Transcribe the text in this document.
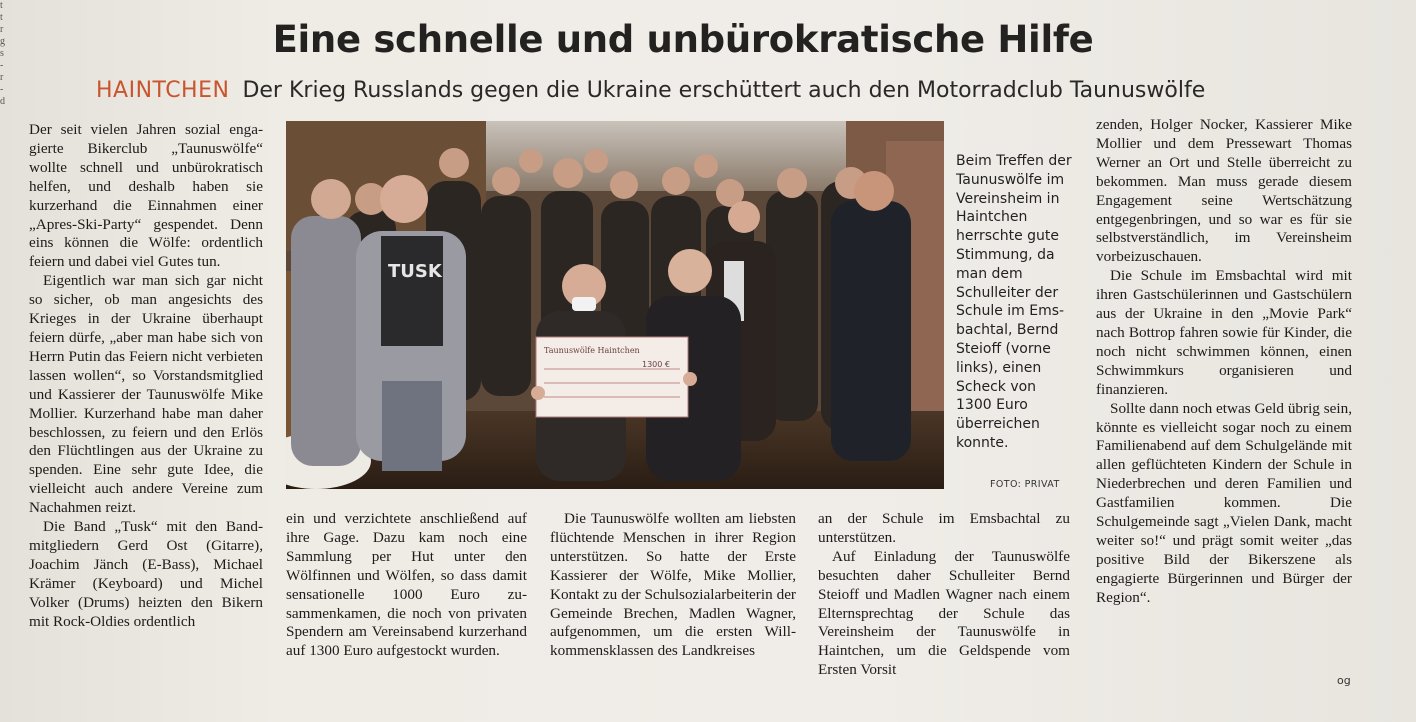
t
t
r
g
s
-
r
-
d
Eine schnelle und unbürokratische Hilfe
HAINTCHEN Der Krieg Russlands gegen die Ukraine erschüttert auch den Motorradclub Taunuswölfe

Der seit vielen Jahren sozial engagierte Bikerclub „Taunuswölfe“ wollte schnell und unbürokratisch helfen, und deshalb haben sie kurzerhand die Einnahmen einer „Apres-Ski-Party“ gespendet. Denn eins können die Wölfe: ordentlich feiern und dabei viel Gutes tun.

Eigentlich war man sich gar nicht so sicher, ob man angesichts des Krieges in der Ukraine überhaupt feiern dürfe, „aber man habe sich von Herrn Putin das Feiern nicht verbieten lassen wollen“, so Vorstandsmitglied und Kassierer der Taunuswölfe Mike Mollier. Kurzerhand habe man daher beschlossen, zu feiern und den Erlös den Flüchtlingen aus der Ukraine zu spenden. Eine sehr gute Idee, die vielleicht auch andere Vereine zum Nachahmen reizt.

Die Band „Tusk“ mit den Bandmitgliedern Gerd Ost (Gitarre), Joachim Jänch (E-Bass), Michael Krämer (Keyboard) und Michel Volker (Drums) heizten den Bikern mit Rock-Oldies ordentlich

TUSK
Taunuswölfe Haintchen
1300 €
Beim Treffen der Taunuswölfe im Vereinsheim in Haintchen herrschte gute Stimmung, da man dem Schulleiter der Schule im Emsbachtal, Bernd Steioff (vorne links), einen Scheck von 1300 Euro überreichen konnte.
FOTO: PRIVAT

ein und verzichtete anschließend auf ihre Gage. Dazu kam noch eine Sammlung per Hut unter den Wölfinnen und Wölfen, so dass damit sensationelle 1000 Euro zusammenkamen, die noch von privaten Spendern am Vereinsabend kurzerhand auf 1300 Euro aufgestockt wurden.

Die Taunuswölfe wollten am liebsten flüchtende Menschen in ihrer Region unterstützen. So hatte der Erste Kassierer der Wölfe, Mike Mollier, Kontakt zu der Schulsozialarbeiterin der Gemeinde Brechen, Madlen Wagner, aufgenommen, um die ersten Willkommensklassen des Landkreises

an der Schule im Emsbachtal zu unterstützen.

Auf Einladung der Taunuswölfe besuchten daher Schulleiter Bernd Steioff und Madlen Wagner nach einem Elternsprechtag der Schule das Vereinsheim der Taunuswölfe in Haintchen, um die Geldspende vom Ersten Vorsit

zenden, Holger Nocker, Kassierer Mike Mollier und dem Pressewart Thomas Werner an Ort und Stelle überreicht zu bekommen. Man muss gerade diesem Engagement seine Wertschätzung entgegenbringen, und so war es für sie selbstverständlich, im Vereinsheim vorbeizuschauen.

Die Schule im Emsbachtal wird mit ihren Gastschülerinnen und Gastschülern aus der Ukraine in den „Movie Park“ nach Bottrop fahren sowie für Kinder, die noch nicht schwimmen können, einen Schwimmkurs organisieren und finanzieren.

Sollte dann noch etwas Geld übrig sein, könnte es vielleicht sogar noch zu einem Familienabend auf dem Schulgelände mit allen geflüchteten Kindern der Schule in Niederbrechen und deren Familien und Gastfamilien kommen. Die Schulgemeinde sagt „Vielen Dank, macht weiter so!“ und prägt somit weiter „das positive Bild der Bikerszene als engagierte Bürgerinnen und Bürger der Region“.

og
